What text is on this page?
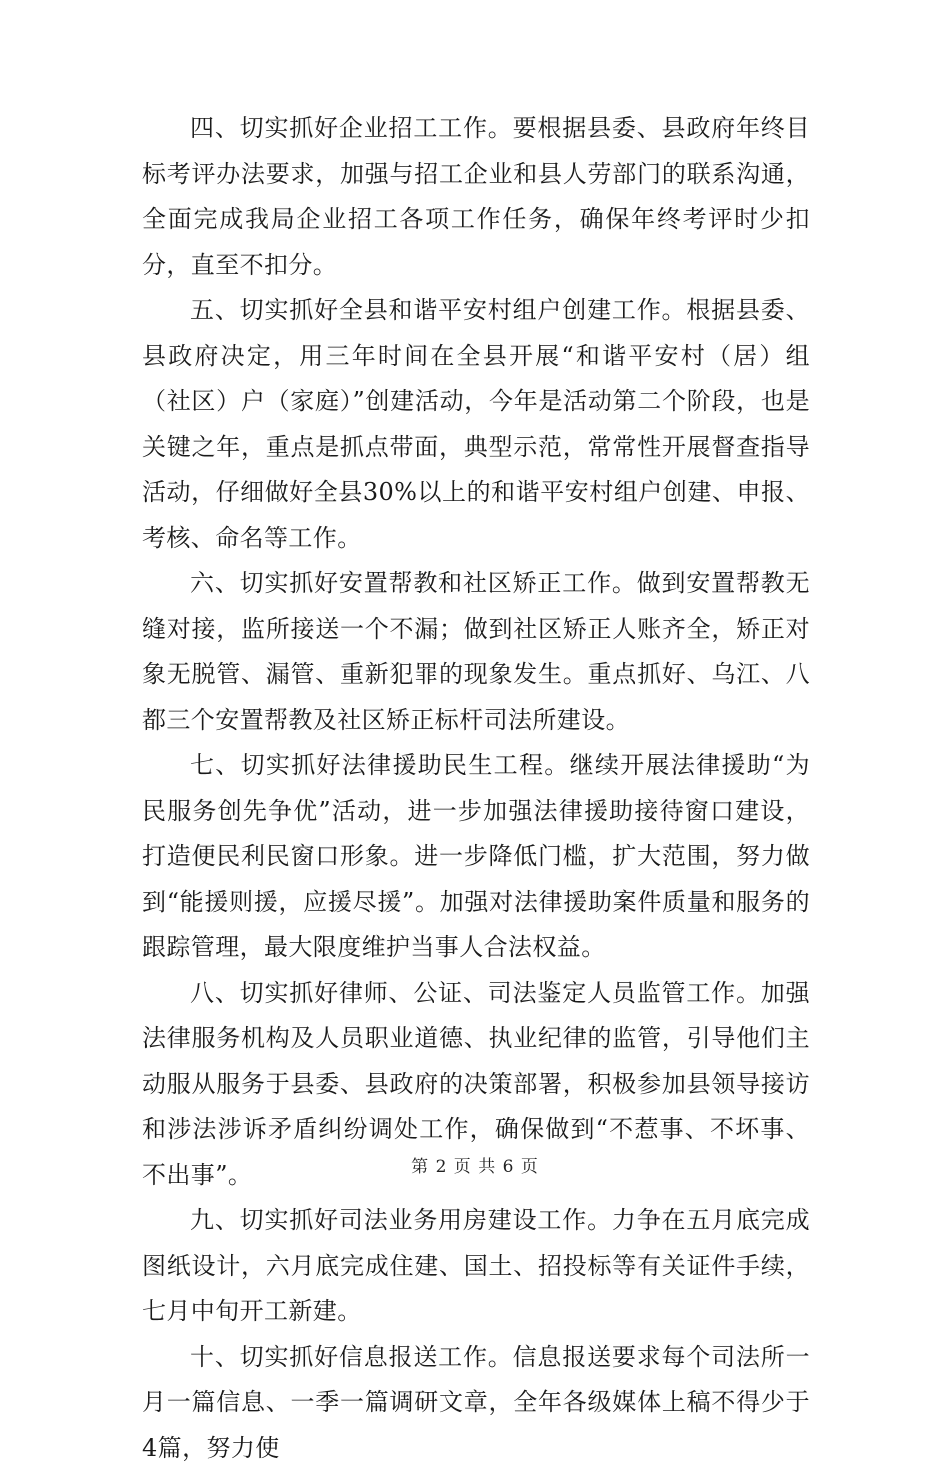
四、切实抓好企业招工工作。要根据县委、县政府年终目标考评办法要求，加强与招工企业和县人劳部门的联系沟通，全面完成我局企业招工各项工作任务，确保年终考评时少扣分，直至不扣分。

五、切实抓好全县和谐平安村组户创建工作。根据县委、县政府决定，用三年时间在全县开展“和谐平安村（居）组（社区）户（家庭）”创建活动，今年是活动第二个阶段，也是关键之年，重点是抓点带面，典型示范，常常性开展督查指导活动，仔细做好全县30%以上的和谐平安村组户创建、申报、考核、命名等工作。

六、切实抓好安置帮教和社区矫正工作。做到安置帮教无缝对接，监所接送一个不漏；做到社区矫正人账齐全，矫正对象无脱管、漏管、重新犯罪的现象发生。重点抓好、乌江、八都三个安置帮教及社区矫正标杆司法所建设。

七、切实抓好法律援助民生工程。继续开展法律援助“为民服务创先争优”活动，进一步加强法律援助接待窗口建设，打造便民利民窗口形象。进一步降低门槛，扩大范围，努力做到“能援则援，应援尽援”。加强对法律援助案件质量和服务的跟踪管理，最大限度维护当事人合法权益。

八、切实抓好律师、公证、司法鉴定人员监管工作。加强法律服务机构及人员职业道德、执业纪律的监管，引导他们主动服从服务于县委、县政府的决策部署，积极参加县领导接访和涉法涉诉矛盾纠纷调处工作，确保做到“不惹事、不坏事、不出事”。

九、切实抓好司法业务用房建设工作。力争在五月底完成图纸设计，六月底完成住建、国土、招投标等有关证件手续，七月中旬开工新建。

十、切实抓好信息报送工作。信息报送要求每个司法所一月一篇信息、一季一篇调研文章，全年各级媒体上稿不得少于4篇，努力使

第 2 页 共 6 页
